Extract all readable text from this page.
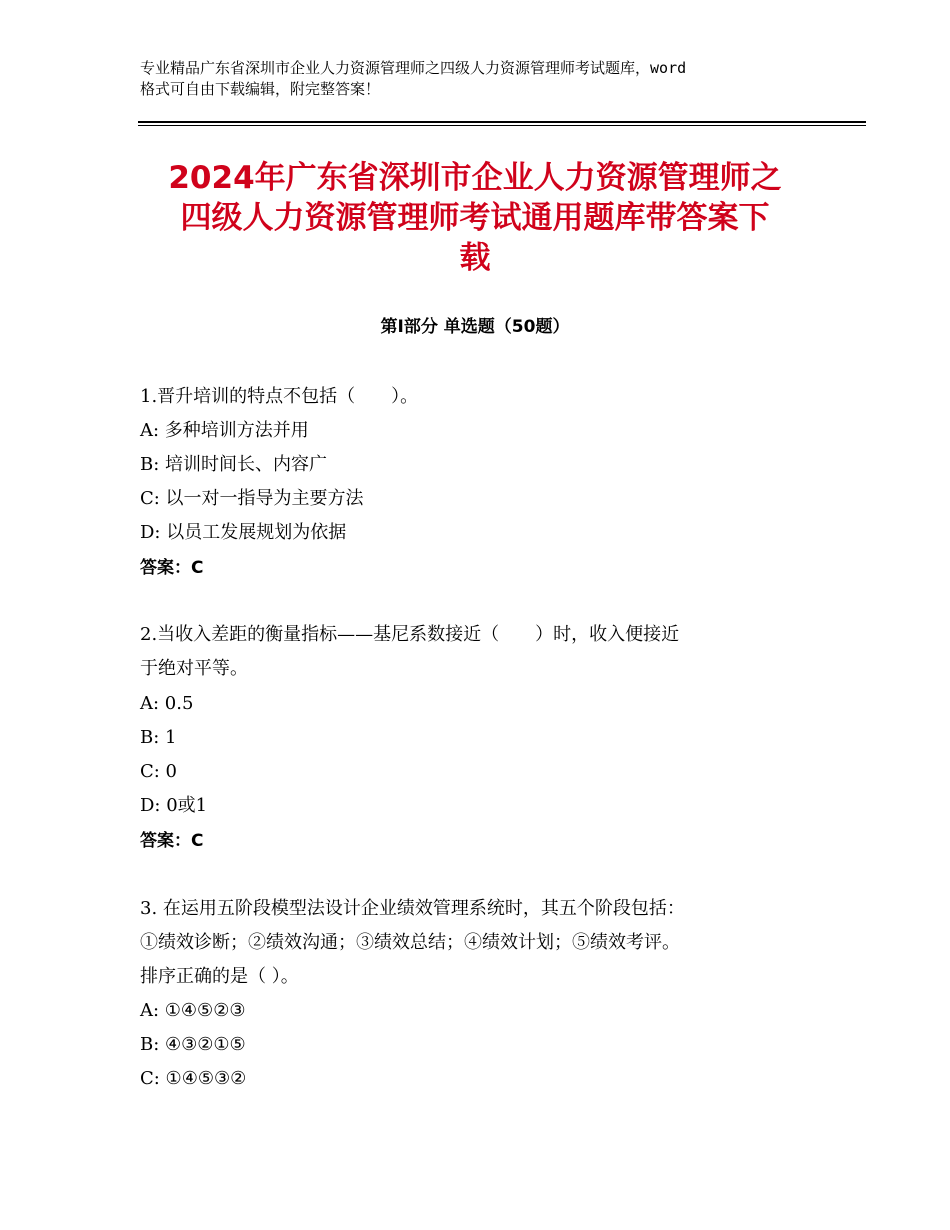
专业精品广东省深圳市企业人力资源管理师之四级人力资源管理师考试题库，word
格式可自由下载编辑，附完整答案！
2024年广东省深圳市企业人力资源管理师之
四级人力资源管理师考试通用题库带答案下
载
第Ⅰ部分 单选题（50题）
1.晋升培训的特点不包括（　　）。
A: 多种培训方法并用
B: 培训时间长、内容广
C: 以一对一指导为主要方法
D: 以员工发展规划为依据
答案：C
2.当收入差距的衡量指标——基尼系数接近（　　）时，收入便接近
于绝对平等。
A: 0.5
B: 1
C: 0
D: 0或1
答案：C
3. 在运用五阶段模型法设计企业绩效管理系统时，其五个阶段包括：
①绩效诊断；②绩效沟通；③绩效总结；④绩效计划；⑤绩效考评。
排序正确的是（ ）。
A: ①④⑤②③
B: ④③②①⑤
C: ①④⑤③②
